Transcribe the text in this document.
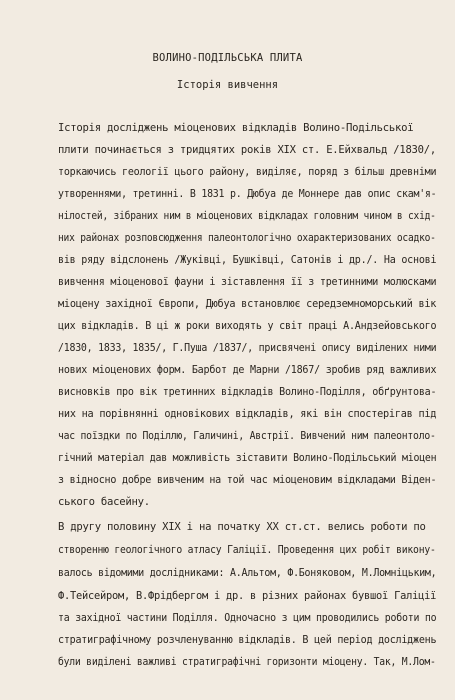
ВОЛИНО-ПОДІЛЬСЬКА ПЛИТА
Історія вивчення
Історія досліджень міоценових відкладів Волино-Подільської
плити починається з тридцятих років XIX ст. Е.Ейхвальд /1830/,
торкаючись геології цього району, виділяє, поряд з більш древніми
утвореннями, третинні. В 1831 р. Дюбуа де Моннере дав опис скам'я-
нілостей, зібраних ним в міоценових відкладах головним чином в схід-
них районах розповсюдження палеонтологічно охарактеризованих осадко-
вів ряду відслонень /Жуківці, Бушківці, Сатонів і др./. На основі
вивчення міоценової фауни і зіставлення її з третинними молюсками
міоцену західної Європи, Дюбуа встановлює середземноморський вік
цих відкладів. В ці ж роки виходять у світ праці А.Андзейовського
/1830, 1833, 1835/, Г.Пуша /1837/, присвячені опису виділених ними
нових міоценових форм. Барбот де Марни /1867/ зробив ряд важливих
висновків про вік третинних відкладів Волино-Поділля, обґрунтова-
них на порівнянні одновікових відкладів, які він спостерігав під
час поїздки по Поділлю, Галичині, Австрії. Вивчений ним палеонтоло-
гічний матеріал дав можливість зіставити Волино-Подільський міоцен
з відносно добре вивченим на той час міоценовим відкладами Віден-
ського басейну.
В другу половину XIX і на початку XX ст.ст. велись роботи по
створенню геологічного атласу Галіції. Проведення цих робіт викону-
валось відомими дослідниками: А.Альтом, Ф.Боняковом, М.Ломніцьким,
Ф.Тейсейром, В.Фрідбергом і др. в різних районах бувшої Галіції
та західної частини Поділля. Одночасно з цим проводились роботи по
стратиграфічному розчленуванню відкладів. В цей період досліджень
були виділені важливі стратиграфічні горизонти міоцену. Так, М.Лом-
